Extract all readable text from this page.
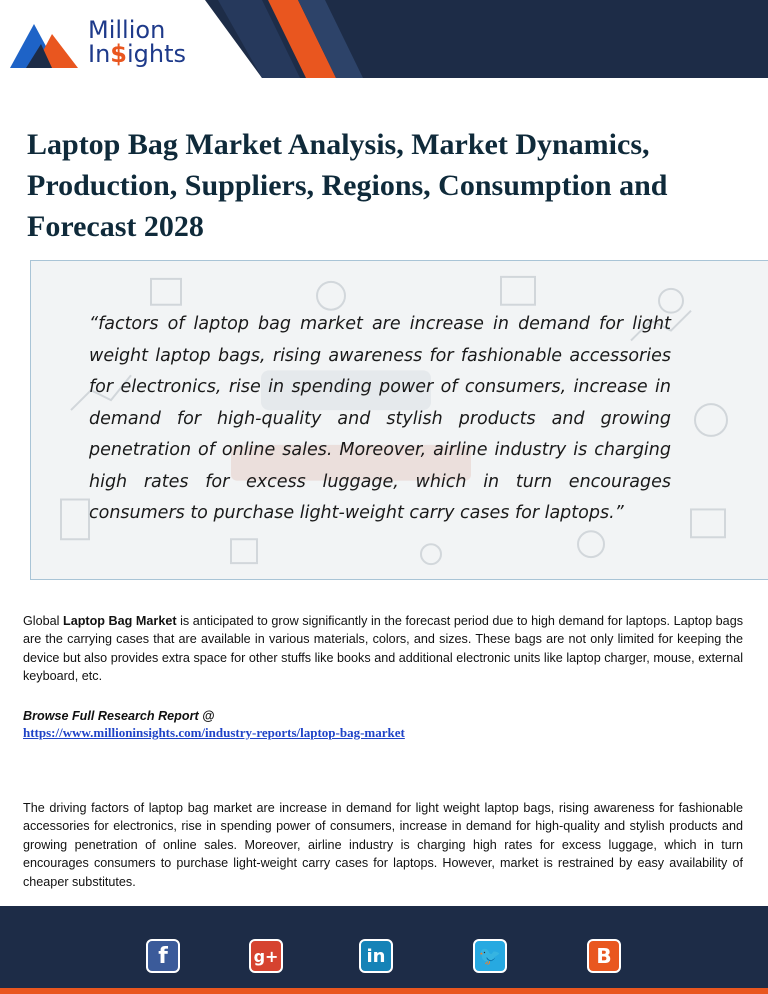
Million
In$ights
Laptop Bag Market Analysis, Market Dynamics, Production, Suppliers, Regions, Consumption and Forecast 2028

“factors of laptop bag market are increase in demand for light weight laptop bags, rising awareness for fashionable accessories for electronics, rise in spending power of consumers, increase in demand for high-quality and stylish products and growing penetration of online sales. Moreover, airline industry is charging high rates for excess luggage, which in turn encourages consumers to purchase light-weight carry cases for laptops.”

Global Laptop Bag Market is anticipated to grow significantly in the forecast period due to high demand for laptops. Laptop bags are the carrying cases that are available in various materials, colors, and sizes. These bags are not only limited for keeping the device but also provides extra space for other stuffs like books and additional electronic units like laptop charger, mouse, external keyboard, etc.

Browse Full Research Report @
https://www.millioninsights.com/industry-reports/laptop-bag-market

The driving factors of laptop bag market are increase in demand for light weight laptop bags, rising awareness for fashionable accessories for electronics, rise in spending power of consumers, increase in demand for high-quality and stylish products and growing penetration of online sales. Moreover, airline industry is charging high rates for excess luggage, which in turn encourages consumers to purchase light-weight carry cases for laptops. However, market is restrained by easy availability of cheaper substitutes.

f	g+	in	🐦	B
